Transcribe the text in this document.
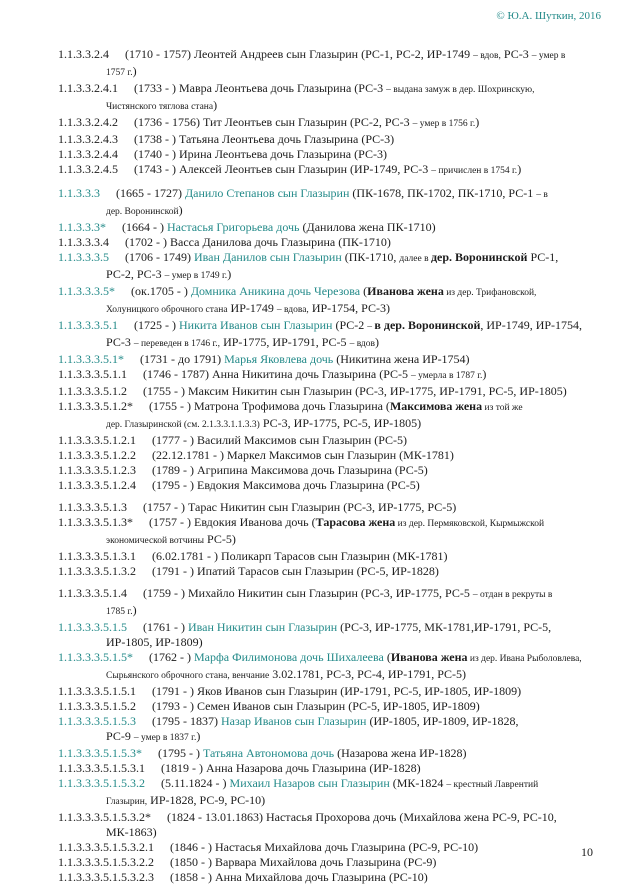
© Ю.А. Шуткин, 2016
1.1.3.3.2.4 (1710 - 1757) Леонтей Андреев сын Глазырин (РС-1, РС-2, ИР-1749 – вдов, РС-3 – умер в
1757 г.)
1.1.3.3.2.4.1 (1733 - ) Мавра Леонтьева дочь Глазырина (РС-3 – выдана замуж в дер. Шохринскую,
Чистянского тяглова стана)
1.1.3.3.2.4.2 (1736 - 1756) Тит Леонтьев сын Глазырин (РС-2, РС-3 – умер в 1756 г.)
1.1.3.3.2.4.3 (1738 - ) Татьяна Леонтьева дочь Глазырина (РС-3)
1.1.3.3.2.4.4 (1740 - ) Ирина Леонтьева дочь Глазырина (РС-3)
1.1.3.3.2.4.5 (1743 - ) Алексей Леонтьев сын Глазырин (ИР-1749, РС-3 – причислен в 1754 г.)
1.1.3.3.3 (1665 - 1727) Данило Степанов сын Глазырин (ПК-1678, ПК-1702, ПК-1710, РС-1 – в
дер. Воронинской)
1.1.3.3.3* (1664 - ) Настасья Григорьева дочь (Данилова жена ПК-1710)
1.1.3.3.3.4 (1702 - ) Васса Данилова дочь Глазырина (ПК-1710)
1.1.3.3.3.5 (1706 - 1749) Иван Данилов сын Глазырин (ПК-1710, далее в дер. Воронинской РС-1,
РС-2, РС-3 – умер в 1749 г.)
1.1.3.3.3.5* (ок.1705 - ) Домника Аникина дочь Черезова (Иванова жена из дер. Трифановской,
Холуницкого оброчного стана ИР-1749 – вдова, ИР-1754, РС-3)
1.1.3.3.3.5.1 (1725 - ) Никита Иванов сын Глазырин (РС-2 – в дер. Воронинской, ИР-1749, ИР-1754,
РС-3 – переведен в 1746 г., ИР-1775, ИР-1791, РС-5 – вдов)
1.1.3.3.3.5.1* (1731 - до 1791) Марья Яковлева дочь (Никитина жена ИР-1754)
1.1.3.3.3.5.1.1 (1746 - 1787) Анна Никитина дочь Глазырина (РС-5 – умерла в 1787 г.)
1.1.3.3.3.5.1.2 (1755 - ) Максим Никитин сын Глазырин (РС-3, ИР-1775, ИР-1791, РС-5, ИР-1805)
1.1.3.3.3.5.1.2* (1755 - ) Матрона Трофимова дочь Глазырина (Максимова жена из той же
дер. Глазыринской (см. 2.1.3.3.1.1.3.3) РС-3, ИР-1775, РС-5, ИР-1805)
1.1.3.3.3.5.1.2.1 (1777 - ) Василий Максимов сын Глазырин (РС-5)
1.1.3.3.3.5.1.2.2 (22.12.1781 - ) Маркел Максимов сын Глазырин (МК-1781)
1.1.3.3.3.5.1.2.3 (1789 - ) Агрипина Максимова дочь Глазырина (РС-5)
1.1.3.3.3.5.1.2.4 (1795 - ) Евдокия Максимова дочь Глазырина (РС-5)
1.1.3.3.3.5.1.3 (1757 - ) Тарас Никитин сын Глазырин (РС-3, ИР-1775, РС-5)
1.1.3.3.3.5.1.3* (1757 - ) Евдокия Иванова дочь (Тарасова жена из дер. Пермяковской, Кырмыжской
экономической вотчины РС-5)
1.1.3.3.3.5.1.3.1 (6.02.1781 - ) Поликарп Тарасов сын Глазырин (МК-1781)
1.1.3.3.3.5.1.3.2 (1791 - ) Ипатий Тарасов сын Глазырин (РС-5, ИР-1828)
1.1.3.3.3.5.1.4 (1759 - ) Михайло Никитин сын Глазырин (РС-3, ИР-1775, РС-5 – отдан в рекруты в
1785 г.)
1.1.3.3.3.5.1.5 (1761 - ) Иван Никитин сын Глазырин (РС-3, ИР-1775, МК-1781,ИР-1791, РС-5,
ИР-1805, ИР-1809)
1.1.3.3.3.5.1.5* (1762 - ) Марфа Филимонова дочь Шихалеева (Иванова жена из дер. Ивана Рыболовлева,
Сырьянского оброчного стана, венчание 3.02.1781, РС-3, РС-4, ИР-1791, РС-5)
1.1.3.3.3.5.1.5.1 (1791 - ) Яков Иванов сын Глазырин (ИР-1791, РС-5, ИР-1805, ИР-1809)
1.1.3.3.3.5.1.5.2 (1793 - ) Семен Иванов сын Глазырин (РС-5, ИР-1805, ИР-1809)
1.1.3.3.3.5.1.5.3 (1795 - 1837) Назар Иванов сын Глазырин (ИР-1805, ИР-1809, ИР-1828,
РС-9 – умер в 1837 г.)
1.1.3.3.3.5.1.5.3* (1795 - ) Татьяна Автономова дочь (Назарова жена ИР-1828)
1.1.3.3.3.5.1.5.3.1 (1819 - ) Анна Назарова дочь Глазырина (ИР-1828)
1.1.3.3.3.5.1.5.3.2 (5.11.1824 - ) Михаил Назаров сын Глазырин (МК-1824 – крестный Лаврентий
Глазырин, ИР-1828, РС-9, РС-10)
1.1.3.3.3.5.1.5.3.2* (1824 - 13.01.1863) Настасья Прохорова дочь (Михайлова жена РС-9, РС-10,
МК-1863)
1.1.3.3.3.5.1.5.3.2.1 (1846 - ) Настасья Михайлова дочь Глазырина (РС-9, РС-10)
1.1.3.3.3.5.1.5.3.2.2 (1850 - ) Варвара Михайлова дочь Глазырина (РС-9)
1.1.3.3.3.5.1.5.3.2.3 (1858 - ) Анна Михайлова дочь Глазырина (РС-10)
10
